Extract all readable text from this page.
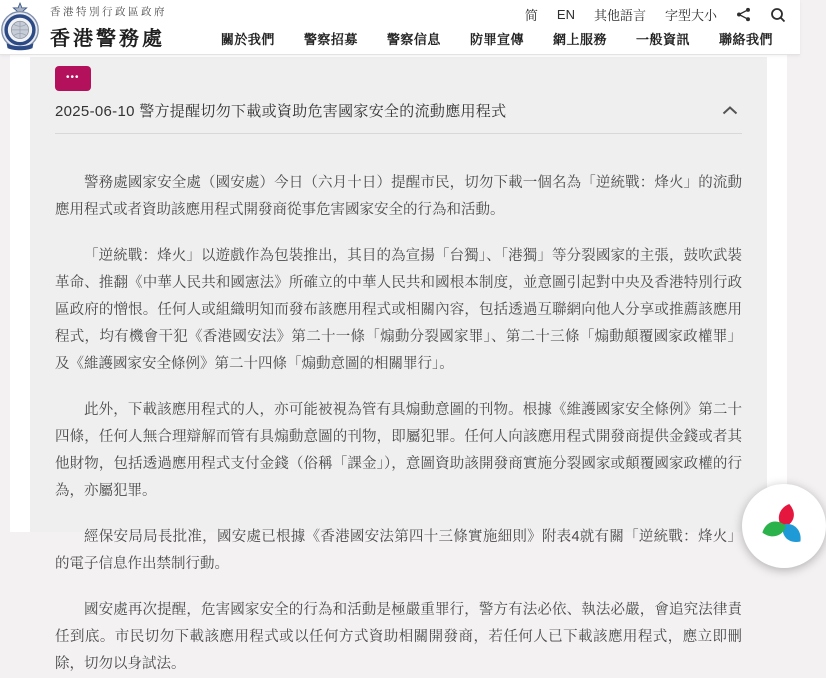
香港特別行政區政府
香港警務處
简 EN 其他語言 字型大小
關於我們 警察招募 警察信息 防罪宣傳 網上服務 一般資訊 聯絡我們
•••
2025-06-10 警方提醒切勿下載或資助危害國家安全的流動應用程式

警務處國家安全處（國安處）今日（六月十日）提醒市民，切勿下載一個名為「逆統戰：烽火」的流動應用程式或者資助該應用程式開發商從事危害國家安全的行為和活動。

「逆統戰：烽火」以遊戲作為包裝推出，其目的為宣揚「台獨」、「港獨」等分裂國家的主張，鼓吹武裝革命、推翻《中華人民共和國憲法》所確立的中華人民共和國根本制度，並意圖引起對中央及香港特別行政區政府的憎恨。任何人或組織明知而發布該應用程式或相關內容，包括透過互聯網向他人分享或推薦該應用程式，均有機會干犯《香港國安法》第二十一條「煽動分裂國家罪」、第二十三條「煽動顛覆國家政權罪」及《維護國家安全條例》第二十四條「煽動意圖的相關罪行」。

此外，下載該應用程式的人，亦可能被視為管有具煽動意圖的刊物。根據《維護國家安全條例》第二十四條，任何人無合理辯解而管有具煽動意圖的刊物，即屬犯罪。任何人向該應用程式開發商提供金錢或者其他財物，包括透過應用程式支付金錢（俗稱「課金」），意圖資助該開發商實施分裂國家或顛覆國家政權的行為，亦屬犯罪。

經保安局局長批准，國安處已根據《香港國安法第四十三條實施細則》附表4就有關「逆統戰：烽火」的電子信息作出禁制行動。

國安處再次提醒，危害國家安全的行為和活動是極嚴重罪行，警方有法必依、執法必嚴，會追究法律責任到底。市民切勿下載該應用程式或以任何方式資助相關開發商，若任何人已下載該應用程式，應立即刪除，切勿以身試法。
